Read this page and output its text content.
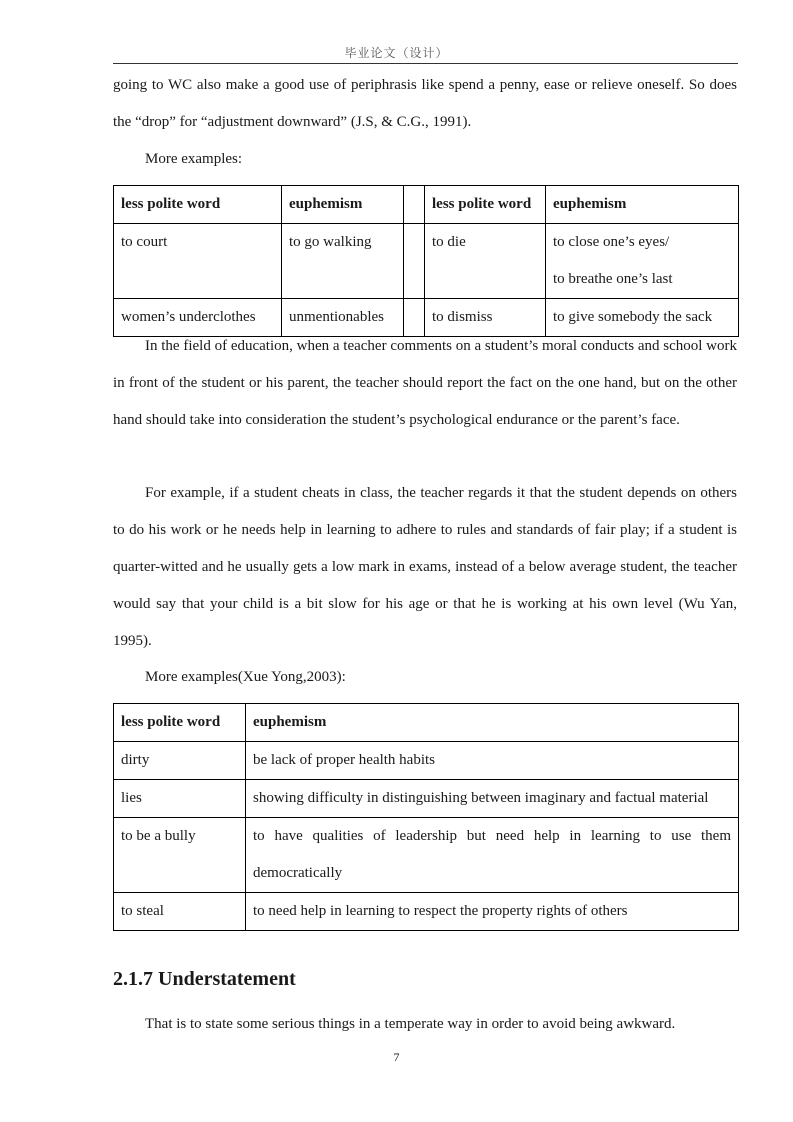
毕业论文（设计）

going to WC also make a good use of periphrasis like spend a penny, ease or relieve oneself. So does the “drop” for “adjustment downward” (J.S, & C.G., 1991).

More examples:

less polite word	euphemism		less polite word	euphemism
to court	to go walking		to die	to close one’s eyes/
to breathe one’s last

women’s underclothes	unmentionables		to dismiss	to give somebody the sack

In the field of education, when a teacher comments on a student’s moral conducts and school work in front of the student or his parent, the teacher should report the fact on the one hand, but on the other hand should take into consideration the student’s psychological endurance or the parent’s face.

For example, if a student cheats in class, the teacher regards it that the student depends on others to do his work or he needs help in learning to adhere to rules and standards of fair play; if a student is quarter-witted and he usually gets a low mark in exams, instead of a below average student, the teacher would say that your child is a bit slow for his age or that he is working at his own level (Wu Yan, 1995).

More examples(Xue Yong,2003):

less polite word	euphemism
dirty	be lack of proper health habits
lies	showing difficulty in distinguishing between imaginary and factual material
to be a bully	to have qualities of leadership but need help in learning to use them democratically
to steal	to need help in learning to respect the property rights of others
2.1.7 Understatement

That is to state some serious things in a temperate way in order to avoid being awkward.

7
